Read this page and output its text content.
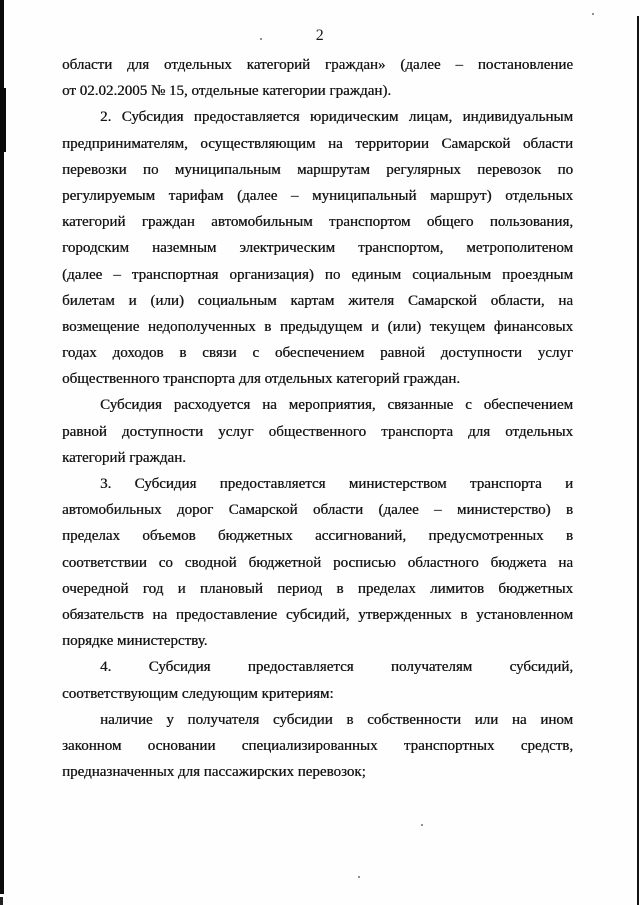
2
области для отдельных категорий граждан» (далее – постановление
от 02.02.2005 № 15, отдельные категории граждан).
2. Субсидия предоставляется юридическим лицам, индивидуальным
предпринимателям, осуществляющим на территории Самарской области
перевозки по муниципальным маршрутам регулярных перевозок по
регулируемым тарифам (далее – муниципальный маршрут) отдельных
категорий граждан автомобильным транспортом общего пользования,
городским наземным электрическим транспортом, метрополитеном
(далее – транспортная организация) по единым социальным проездным
билетам и (или) социальным картам жителя Самарской области, на
возмещение недополученных в предыдущем и (или) текущем финансовых
годах доходов в связи с обеспечением равной доступности услуг
общественного транспорта для отдельных категорий граждан.
Субсидия расходуется на мероприятия, связанные с обеспечением
равной доступности услуг общественного транспорта для отдельных
категорий граждан.
3. Субсидия предоставляется министерством транспорта и
автомобильных дорог Самарской области (далее – министерство) в
пределах объемов бюджетных ассигнований, предусмотренных в
соответствии со сводной бюджетной росписью областного бюджета на
очередной год и плановый период в пределах лимитов бюджетных
обязательств на предоставление субсидий, утвержденных в установленном
порядке министерству.
4. Субсидия предоставляется получателям субсидий,
соответствующим следующим критериям:
наличие у получателя субсидии в собственности или на ином
законном основании специализированных транспортных средств,
предназначенных для пассажирских перевозок;
